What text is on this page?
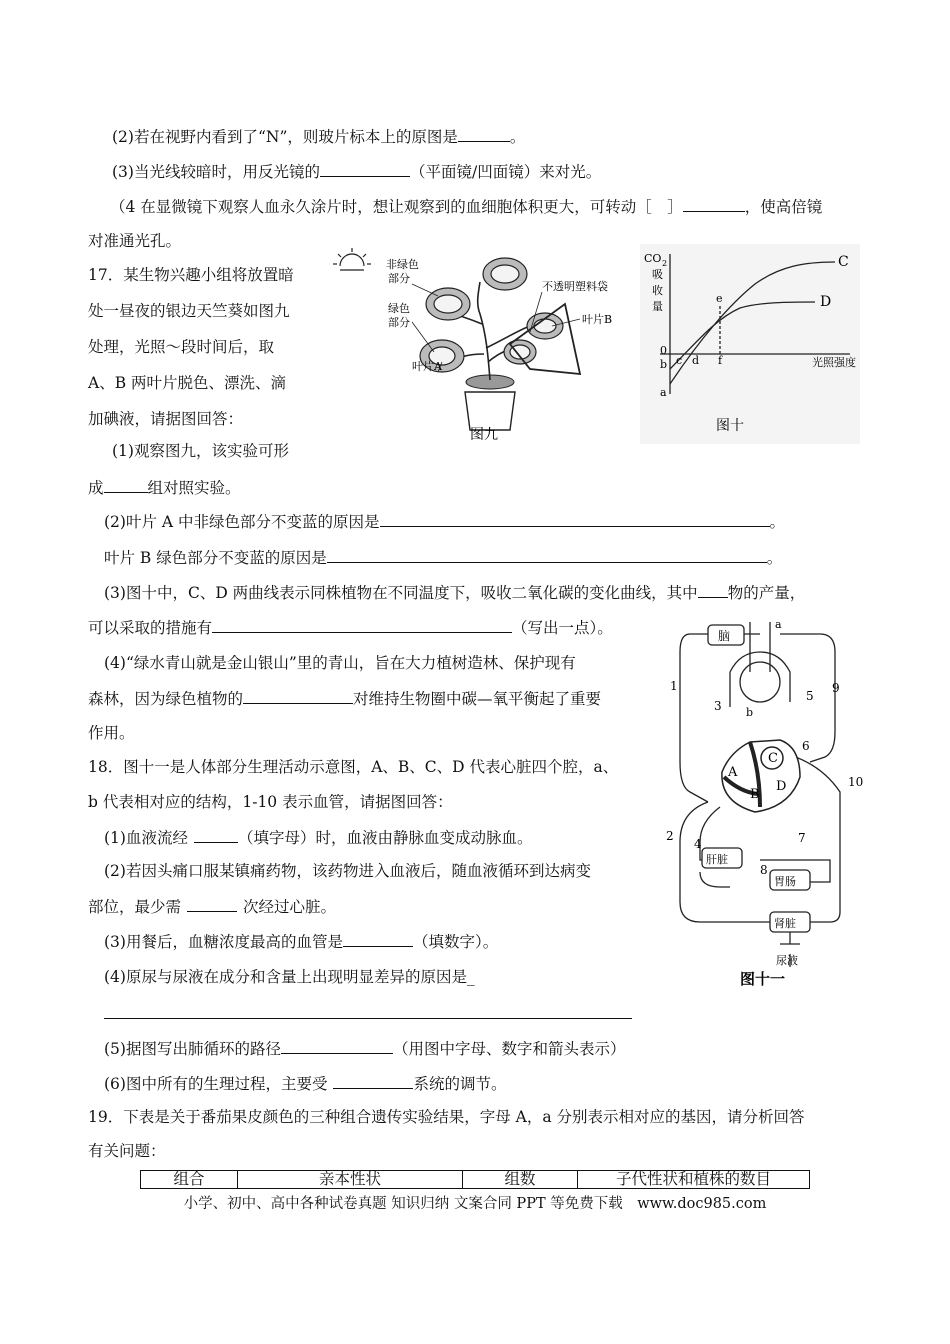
(2)若在视野内看到了“N”，则玻片标本上的原图是	。
(3)当光线较暗时，用反光镜的	（平面镜/凹面镜）来对光。
（4 在显微镜下观察人血永久涂片时，想让观察到的血细胞体积更大，可转动［　］	，使高倍镜
对准通光孔。
17．某生物兴趣小组将放置暗
处一昼夜的银边天竺葵如图九
处理，光照～段时间后，取
A、B 两叶片脱色、漂洗、滴
加碘液，请据图回答：
(1)观察图九，该实验可形
成	组对照实验。
非绿色
部分
绿色
部分
不透明塑料袋
叶片B
叶片A
图九
CO 2
吸
收
量
光照强度
C
D
e
0
a
b c d f
图十
(2)叶片 A 中非绿色部分不变蓝的原因是	。
叶片 B 绿色部分不变蓝的原因是	。
(3)图十中，C、D 两曲线表示同株植物在不同温度下，吸收二氧化碳的变化曲线，其中 物的产量，
可以采取的措施有	（写出一点）。
(4)“绿水青山就是金山银山”里的青山，旨在大力植树造林、保护现有
森林，因为绿色植物的	对维持生物圈中碳—氧平衡起了重要
作用。
18．图十一是人体部分生理活动示意图，A、B、C、D 代表心脏四个腔，a、
b 代表相对应的结构，1-10 表示血管，请据图回答：
(1)血液流经	（填字母）时，血液由静脉血变成动脉血。
(2)若因头痛口服某镇痛药物，该药物进入血液后，随血液循环到达病变
部位，最少需	次经过心脏。
(3)用餐后，血糖浓度最高的血管是	（填数字）。
(4)原尿与尿液在成分和含量上出现明显差异的原因是_
(5)据图写出肺循环的路径	（用图中字母、数字和箭头表示）
(6)图中所有的生理过程，主要受	系统的调节。
脑
肝脏
胃肠
肾脏
尿液
A
B
C
D
a
b
1
2
3
4
5
6
7
8
9
10
图十一
19．下表是关于番茄果皮颜色的三种组合遗传实验结果，字母 A，a 分别表示相对应的基因，请分析回答
有关问题：
组合	亲本性状	组数	子代性状和植株的数目
小学、初中、高中各种试卷真题 知识归纳 文案合同 PPT 等免费下载　www.doc985.com
